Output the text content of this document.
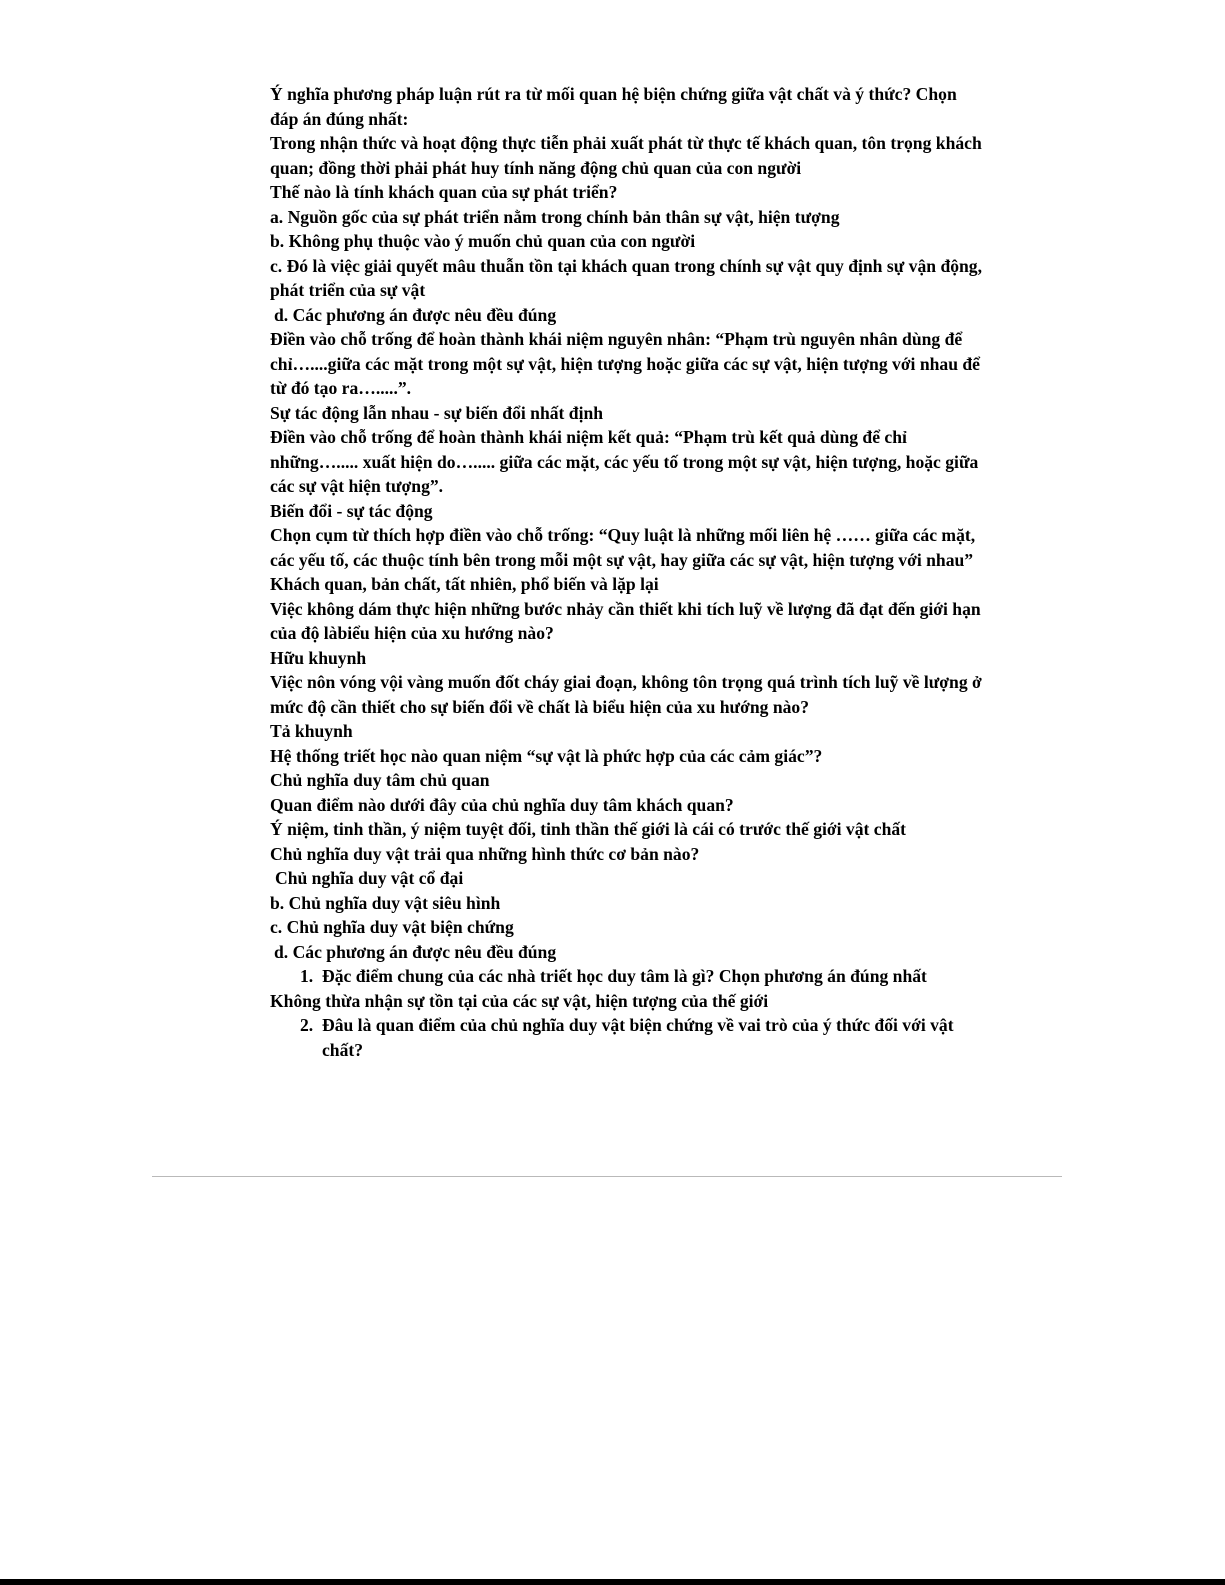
Ý nghĩa phương pháp luận rút ra từ mối quan hệ biện chứng giữa vật chất và ý thức? Chọn đáp án đúng nhất:
Trong nhận thức và hoạt động thực tiễn phải xuất phát từ thực tế khách quan, tôn trọng khách quan; đồng thời phải phát huy tính năng động chủ quan của con người
Thế nào là tính khách quan của sự phát triển?
a. Nguồn gốc của sự phát triển nằm trong chính bản thân sự vật, hiện tượng
b. Không phụ thuộc vào ý muốn chủ quan của con người
c. Đó là việc giải quyết mâu thuẫn tồn tại khách quan trong chính sự vật quy định sự vận động, phát triển của sự vật
d. Các phương án được nêu đều đúng
Điền vào chỗ trống để hoàn thành khái niệm nguyên nhân: “Phạm trù nguyên nhân dùng để chỉ…....giữa các mặt trong một sự vật, hiện tượng hoặc giữa các sự vật, hiện tượng với nhau để từ đó tạo ra….....”.
Sự tác động lẫn nhau - sự biến đổi nhất định
Điền vào chỗ trống để hoàn thành khái niệm kết quả: “Phạm trù kết quả dùng để chỉ những…..... xuất hiện do…..... giữa các mặt, các yếu tố trong một sự vật, hiện tượng, hoặc giữa các sự vật hiện tượng”.
Biến đổi - sự tác động
Chọn cụm từ thích hợp điền vào chỗ trống: “Quy luật là những mối liên hệ …… giữa các mặt, các yếu tố, các thuộc tính bên trong mỗi một sự vật, hay giữa các sự vật, hiện tượng với nhau”
Khách quan, bản chất, tất nhiên, phổ biến và lặp lại
Việc không dám thực hiện những bước nhảy cần thiết khi tích luỹ về lượng đã đạt đến giới hạn của độ làbiểu hiện của xu hướng nào?
Hữu khuynh
Việc nôn vóng vội vàng muốn đốt cháy giai đoạn, không tôn trọng quá trình tích luỹ về lượng ở mức độ cần thiết cho sự biến đổi về chất là biểu hiện của xu hướng nào?
Tả khuynh
Hệ thống triết học nào quan niệm “sự vật là phức hợp của các cảm giác”?
Chủ nghĩa duy tâm chủ quan
Quan điểm nào dưới đây của chủ nghĩa duy tâm khách quan?
Ý niệm, tinh thần, ý niệm tuyệt đối, tinh thần thế giới là cái có trước thế giới vật chất
Chủ nghĩa duy vật trải qua những hình thức cơ bản nào?
Chủ nghĩa duy vật cổ đại
b. Chủ nghĩa duy vật siêu hình
c. Chủ nghĩa duy vật biện chứng
d. Các phương án được nêu đều đúng
1. Đặc điểm chung của các nhà triết học duy tâm là gì? Chọn phương án đúng nhất
Không thừa nhận sự tồn tại của các sự vật, hiện tượng của thế giới
2. Đâu là quan điểm của chủ nghĩa duy vật biện chứng về vai trò của ý thức đối với vật chất?
